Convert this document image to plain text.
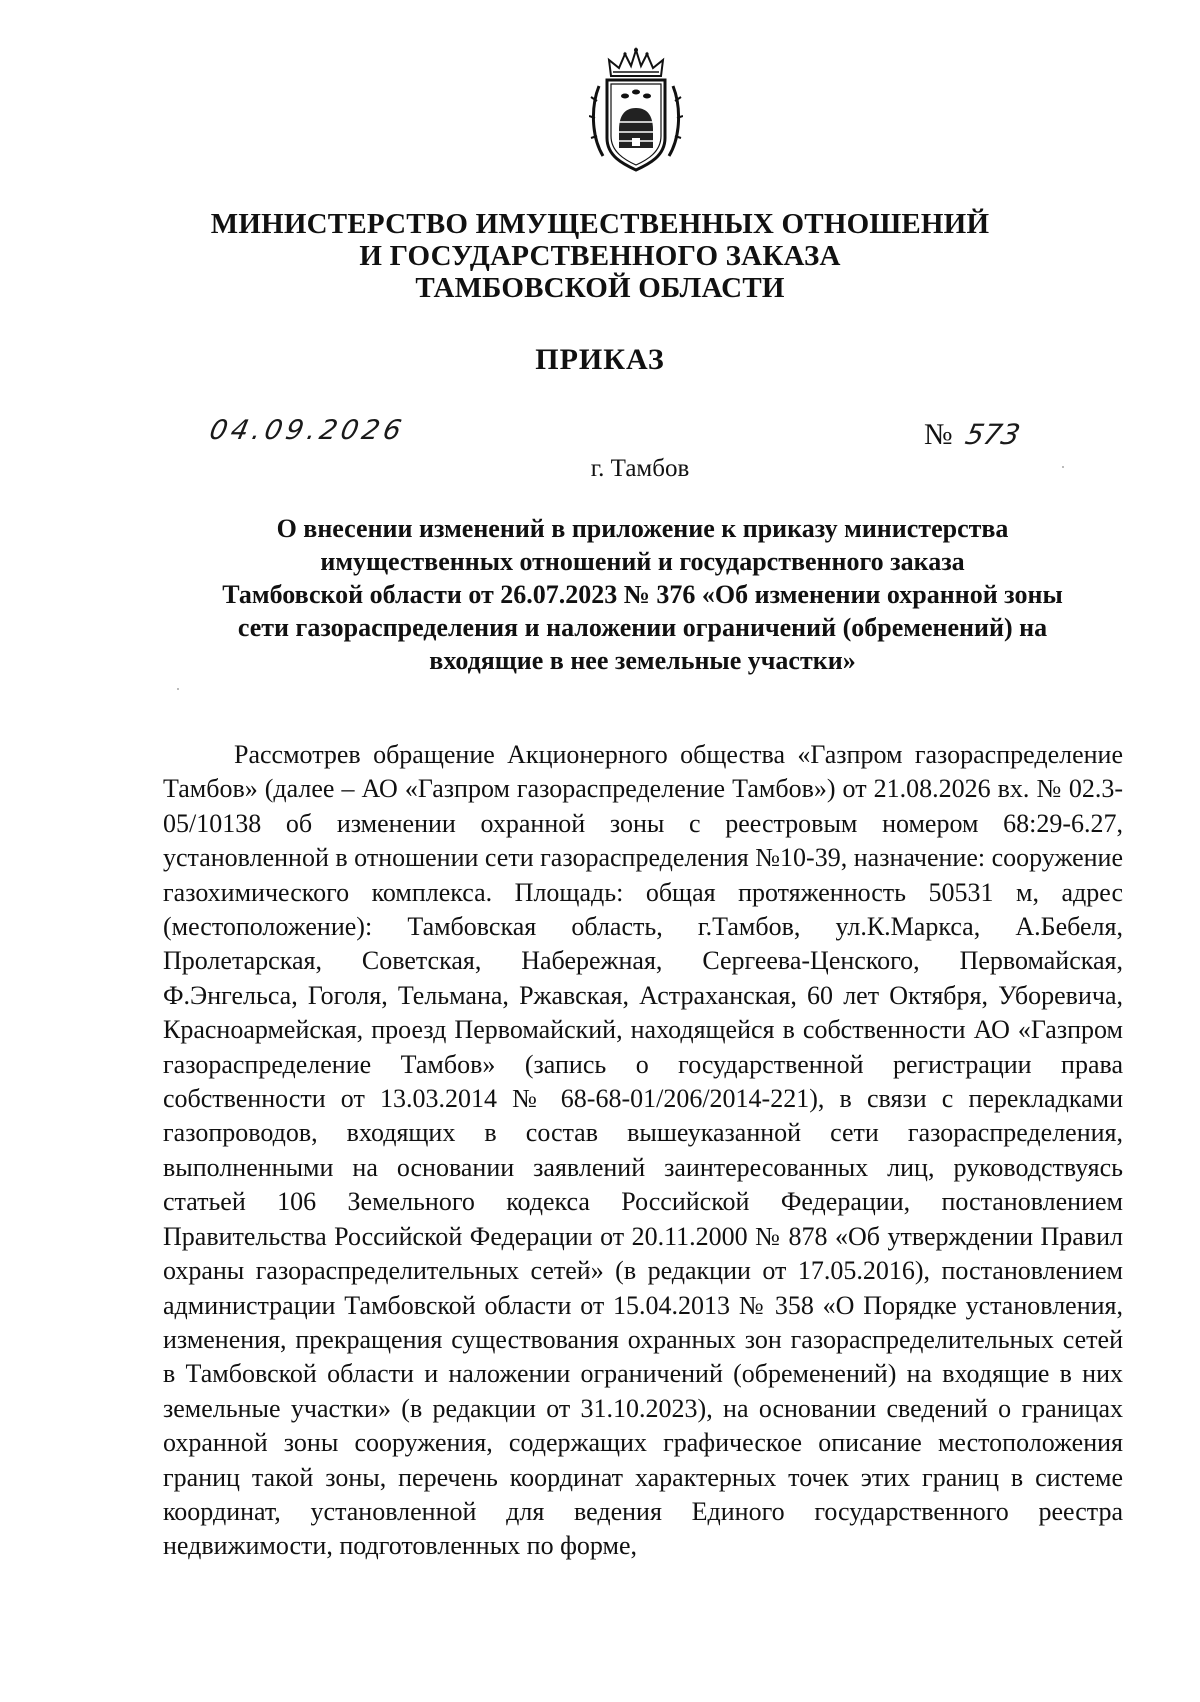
МИНИСТЕРСТВО ИМУЩЕСТВЕННЫХ ОТНОШЕНИЙ
И ГОСУДАРСТВЕННОГО ЗАКАЗА
ТАМБОВСКОЙ ОБЛАСТИ
ПРИКАЗ
04.09.2026	№ 573
г. Тамбов
О внесении изменений в приложение к приказу министерства
имущественных отношений и государственного заказа
Тамбовской области от 26.07.2023 № 376 «Об изменении охранной зоны
сети газораспределения и наложении ограничений (обременений) на
входящие в нее земельные участки»

Рассмотрев обращение Акционерного общества «Газпром газораспределение Тамбов» (далее – АО «Газпром газораспределение Тамбов») от 21.08.2026 вх. № 02.3-05/10138 об изменении охранной зоны с реестровым номером 68:29-6.27, установленной в отношении сети газораспределения №10-39, назначение: сооружение газохимического комплекса. Площадь: общая протяженность 50531 м, адрес (местоположение): Тамбовская область, г.Тамбов, ул.К.Маркса, А.Бебеля, Пролетарская, Советская, Набережная, Сергеева-Ценского, Первомайская, Ф.Энгельса, Гоголя, Тельмана, Ржавская, Астраханская, 60 лет Октября, Уборевича, Красноармейская, проезд Первомайский, находящейся в собственности АО «Газпром газораспределение Тамбов» (запись о государственной регистрации права собственности от 13.03.2014 № 68-68-01/206/2014-221), в связи с перекладками газопроводов, входящих в состав вышеуказанной сети газораспределения, выполненными на основании заявлений заинтересованных лиц, руководствуясь статьей 106 Земельного кодекса Российской Федерации, постановлением Правительства Российской Федерации от 20.11.2000 № 878 «Об утверждении Правил охраны газораспределительных сетей» (в редакции от 17.05.2016), постановлением администрации Тамбовской области от 15.04.2013 № 358 «О Порядке установления, изменения, прекращения существования охранных зон газораспределительных сетей в Тамбовской области и наложении ограничений (обременений) на входящие в них земельные участки» (в редакции от 31.10.2023), на основании сведений о границах охранной зоны сооружения, содержащих графическое описание местоположения границ такой зоны, перечень координат характерных точек этих границ в системе координат, установленной для ведения Единого государственного реестра недвижимости, подготовленных по форме,
